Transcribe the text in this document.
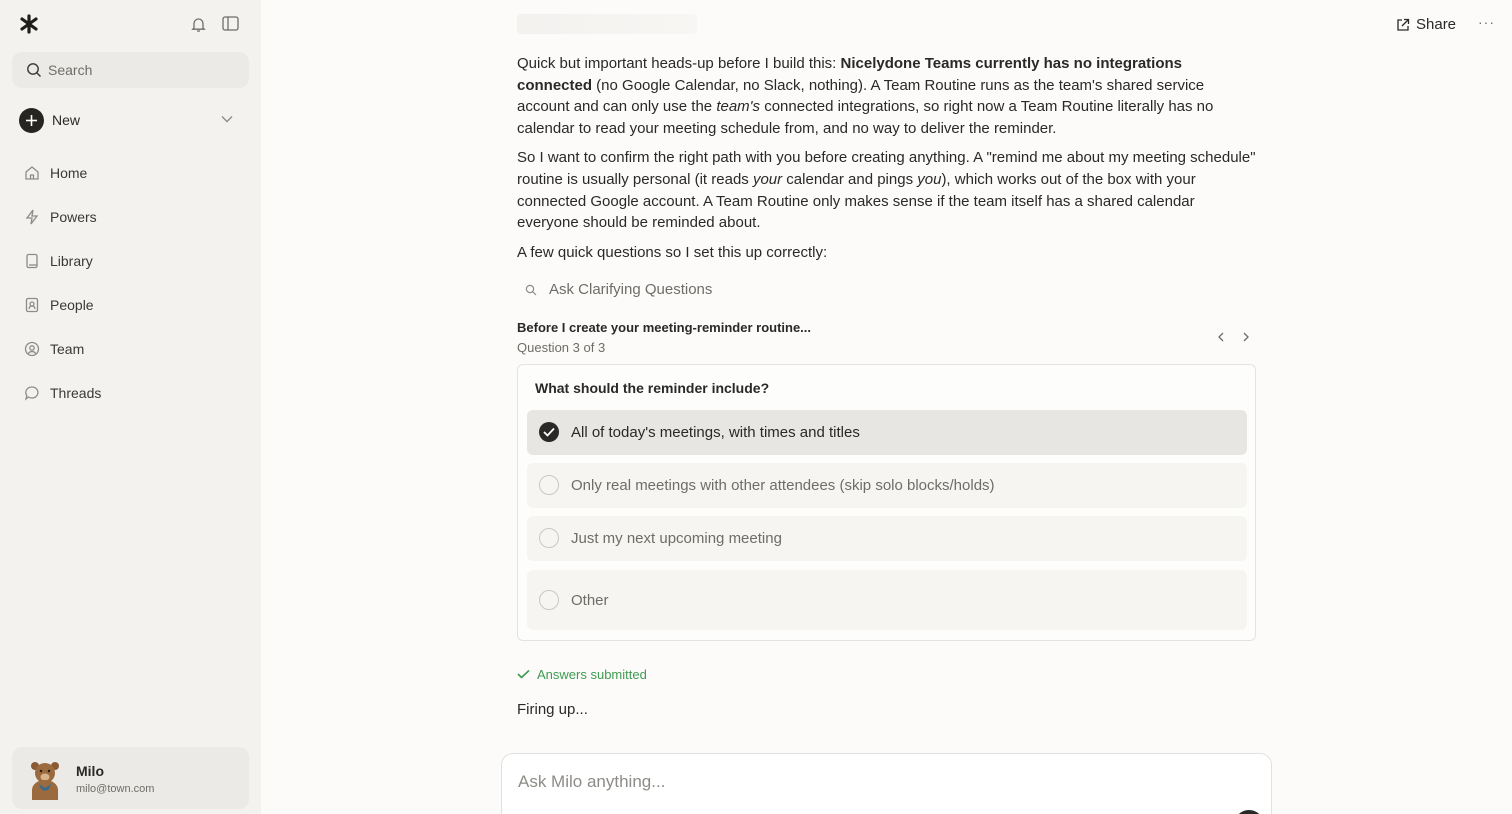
Search
New
Home
Powers
Library
People
Team
Threads
Milo
milo@town.com
Share ···

Quick but important heads-up before I build this: Nicelydone Teams currently has no integrations connected (no Google Calendar, no Slack, nothing). A Team Routine runs as the team's shared service account and can only use the team's connected integrations, so right now a Team Routine literally has no calendar to read your meeting schedule from, and no way to deliver the reminder.

So I want to confirm the right path with you before creating anything. A "remind me about my meeting schedule" routine is usually personal (it reads your calendar and pings you), which works out of the box with your connected Google account. A Team Routine only makes sense if the team itself has a shared calendar everyone should be reminded about.

A few quick questions so I set this up correctly:

Ask Clarifying Questions
Before I create your meeting-reminder routine...
Question 3 of 3
What should the reminder include?
All of today's meetings, with times and titles
Only real meetings with other attendees (skip solo blocks/holds)
Just my next upcoming meeting
Other
Answers submitted
Firing up...
Ask Milo anything...
